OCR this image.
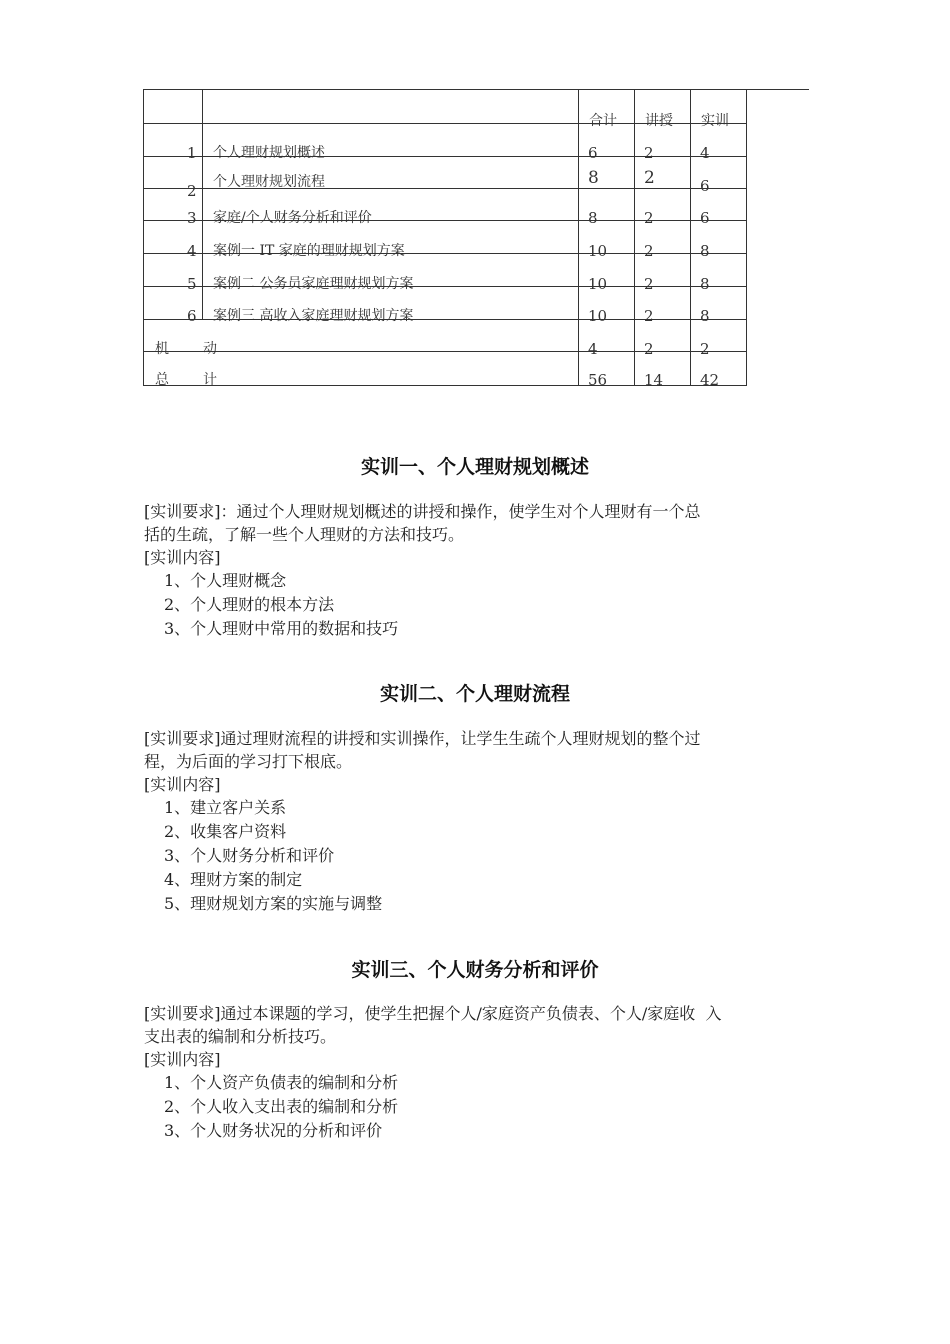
合计 讲授 实训
1 个人理财规划概述	6	2	4
2 个人理财规划流程	8	2	6
3 家庭/个人财务分析和评价	8	2	6
4 案例一 IT 家庭的理财规划方案	10 2	8
5 案例二 公务员家庭理财规划方案	10 2	8
6 案例三 高收入家庭理财规划方案	10 2	8
机 动	4	2	2
总 计	56 14 42
实训一、个人理财规划概述
[实训要求]：通过个人理财规划概述的讲授和操作，使学生对个人理财有一个总
括的生疏，了解一些个人理财的方法和技巧。
[实训内容]
1、个人理财概念
2、个人理财的根本方法
3、个人理财中常用的数据和技巧
实训二、个人理财流程
[实训要求]通过理财流程的讲授和实训操作，让学生生疏个人理财规划的整个过
程，为后面的学习打下根底。
[实训内容]
1、建立客户关系
2、收集客户资料
3、个人财务分析和评价
4、理财方案的制定
5、理财规划方案的实施与调整
实训三、个人财务分析和评价
[实训要求]通过本课题的学习，使学生把握个人/家庭资产负债表、个人/家庭收  入
支出表的编制和分析技巧。
[实训内容]
1、个人资产负债表的编制和分析
2、个人收入支出表的编制和分析
3、个人财务状况的分析和评价
